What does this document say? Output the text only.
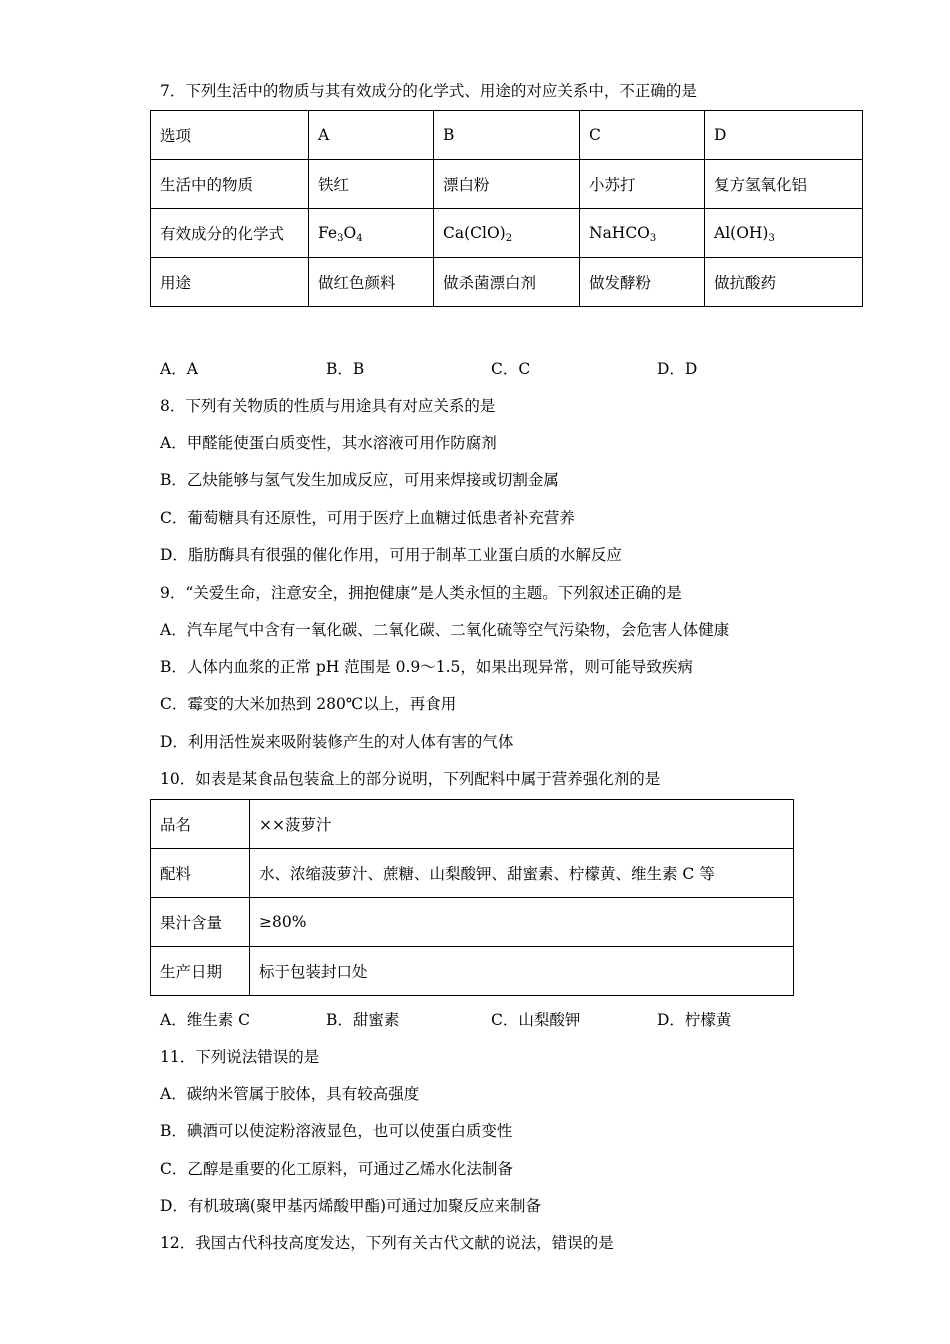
7．下列生活中的物质与其有效成分的化学式、用途的对应关系中，不正确的是
选项	A	B	C	D
生活中的物质	铁红	漂白粉	小苏打	复方氢氧化铝
有效成分的化学式	$Fe_3O_4$	$Ca(ClO)_2$	NaHCO$_3$	$Al(OH)_3$
用途	做红色颜料	做杀菌漂白剂	做发酵粉	做抗酸药
A．A	B．B	C．C	D．D
8．下列有关物质的性质与用途具有对应关系的是
A．甲醛能使蛋白质变性，其水溶液可用作防腐剂
B．乙炔能够与氢气发生加成反应，可用来焊接或切割金属
C．葡萄糖具有还原性，可用于医疗上血糖过低患者补充营养
D．脂肪酶具有很强的催化作用，可用于制革工业蛋白质的水解反应
9．“关爱生命，注意安全，拥抱健康”是人类永恒的主题。下列叙述正确的是
A．汽车尾气中含有一氧化碳、二氧化碳、二氧化硫等空气污染物，会危害人体健康
B．人体内血浆的正常 pH 范围是 0.9～1.5，如果出现异常，则可能导致疾病
C．霉变的大米加热到 280℃以上，再食用
D．利用活性炭来吸附装修产生的对人体有害的气体
10．如表是某食品包装盒上的部分说明，下列配料中属于营养强化剂的是
品名	××菠萝汁
配料	水、浓缩菠萝汁、蔗糖、山梨酸钾、甜蜜素、柠檬黄、维生素 C 等
果汁含量	≥80%
生产日期	标于包装封口处
A．维生素 C	B．甜蜜素	C．山梨酸钾	D．柠檬黄
11．下列说法错误的是
A．碳纳米管属于胶体，具有较高强度
B．碘酒可以使淀粉溶液显色，也可以使蛋白质变性
C．乙醇是重要的化工原料，可通过乙烯水化法制备
D．有机玻璃(聚甲基丙烯酸甲酯)可通过加聚反应来制备
12．我国古代科技高度发达，下列有关古代文献的说法，错误的是
